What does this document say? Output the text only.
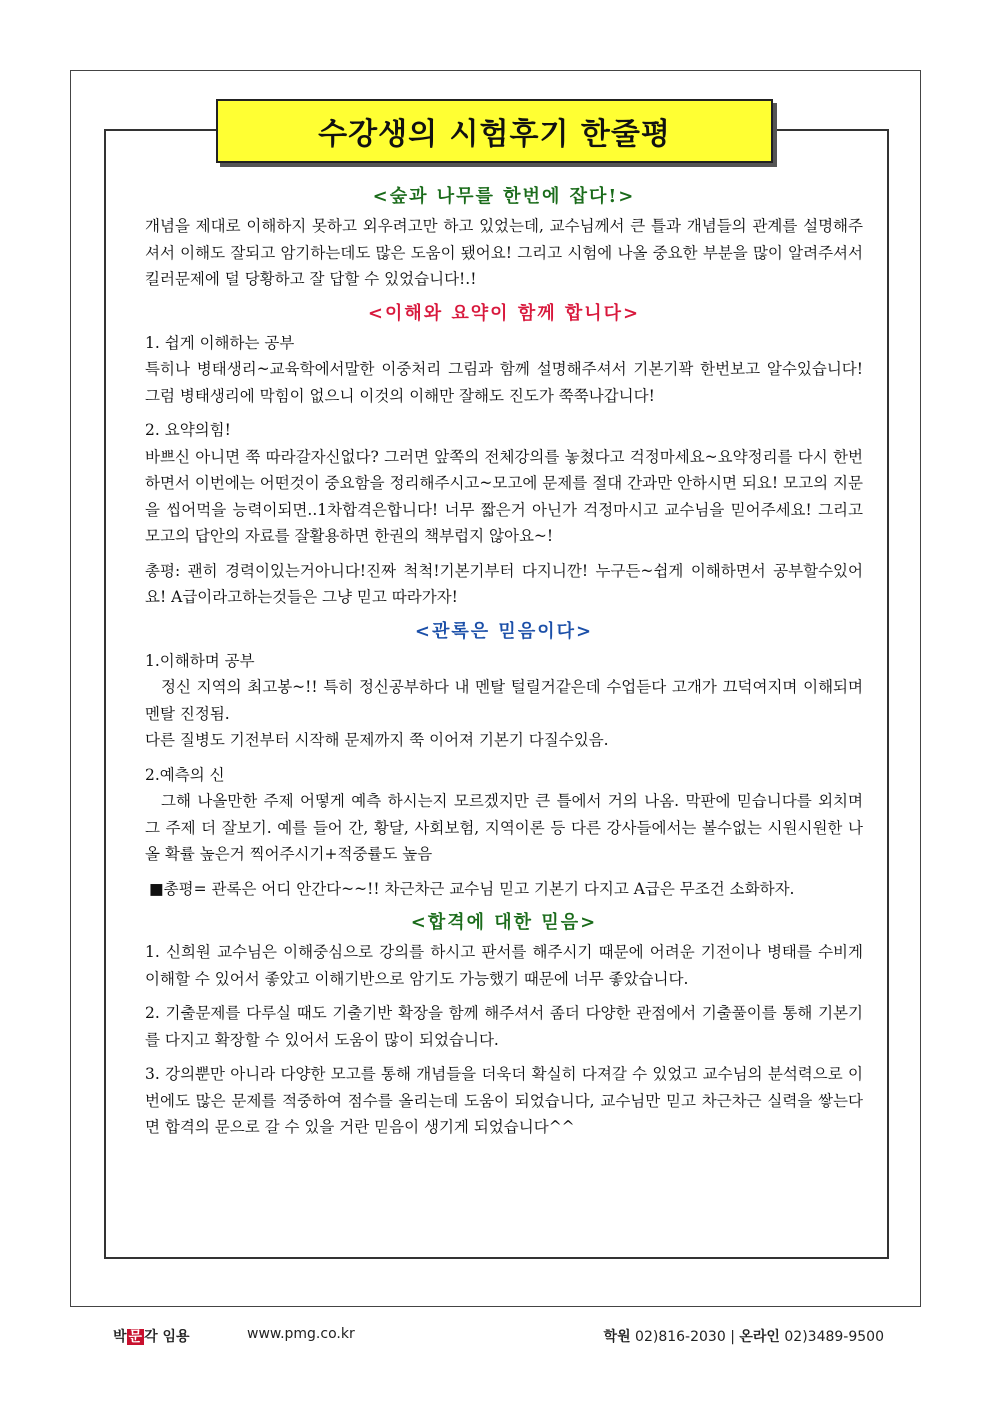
수강생의 시험후기 한줄평
<숲과 나무를 한번에 잡다!>

개념을 제대로 이해하지 못하고 외우려고만 하고 있었는데, 교수님께서 큰 틀과 개념들의 관계를 설명해주셔서 이해도 잘되고 암기하는데도 많은 도움이 됐어요! 그리고 시험에 나올 중요한 부분을 많이 알려주셔서 킬러문제에 덜 당황하고 잘 답할 수 있었습니다!.!

<이해와 요약이 함께 합니다>

1. 쉽게 이해하는 공부

특히나 병태생리~교육학에서말한 이중처리 그림과 함께 설명해주셔서 기본기꽉 한번보고 알수있습니다! 그럼 병태생리에 막힘이 없으니 이것의 이해만 잘해도 진도가 쭉쭉나갑니다!

2. 요약의힘!

바쁘신 아니면 쭉 따라갈자신없다? 그러면 앞쪽의 전체강의를 놓쳤다고 걱정마세요~요약정리를 다시 한번 하면서 이번에는 어떤것이 중요함을 정리해주시고~모고에 문제를 절대 간과만 안하시면 되요! 모고의 지문을 씹어먹을 능력이되면..1차합격은합니다! 너무 짧은거 아닌가 걱정마시고 교수님을 믿어주세요! 그리고 모고의 답안의 자료를 잘활용하면 한권의 책부럽지 않아요~!

총평: 괜히 경력이있는거아니다!진짜 척척!기본기부터 다지니깐! 누구든~쉽게 이해하면서 공부할수있어요! A급이라고하는것들은 그냥 믿고 따라가자!

<관록은 믿음이다>

1.이해하며 공부

정신 지역의 최고봉~!! 특히 정신공부하다 내 멘탈 털릴거같은데 수업듣다 고개가 끄덕여지며 이해되며 멘탈 진정됨.

다른 질병도 기전부터 시작해 문제까지 쭉 이어져 기본기 다질수있음.

2.예측의 신

그해 나올만한 주제 어떻게 예측 하시는지 모르겠지만 큰 틀에서 거의 나옴. 막판에 믿습니다를 외치며 그 주제 더 잘보기. 예를 들어 간, 황달, 사회보험, 지역이론 등 다른 강사들에서는 볼수없는 시원시원한 나올 확률 높은거 찍어주시기+적중률도 높음

■총평= 관록은 어디 안간다~~!! 차근차근 교수님 믿고 기본기 다지고 A급은 무조건 소화하자.

<합격에 대한 믿음>

1. 신희원 교수님은 이해중심으로 강의를 하시고 판서를 해주시기 때문에 어려운 기전이나 병태를 수비게 이해할 수 있어서 좋았고 이해기반으로 암기도 가능했기 때문에 너무 좋았습니다.

2. 기출문제를 다루실 때도 기출기반 확장을 함께 해주셔서 좀더 다양한 관점에서 기출풀이를 통해 기본기를 다지고 확장할 수 있어서 도움이 많이 되었습니다.

3. 강의뿐만 아니라 다양한 모고를 통해 개념들을 더욱더 확실히 다져갈 수 있었고 교수님의 분석력으로 이번에도 많은 문제를 적중하여 점수를 올리는데 도움이 되었습니다, 교수님만 믿고 차근차근 실력을 쌓는다면 합격의 문으로 갈 수 있을 거란 믿음이 생기게 되었습니다^^

박 문 각 임용	www.pmg.co.kr	학원 02)816-2030 | 온라인 02)3489-9500
